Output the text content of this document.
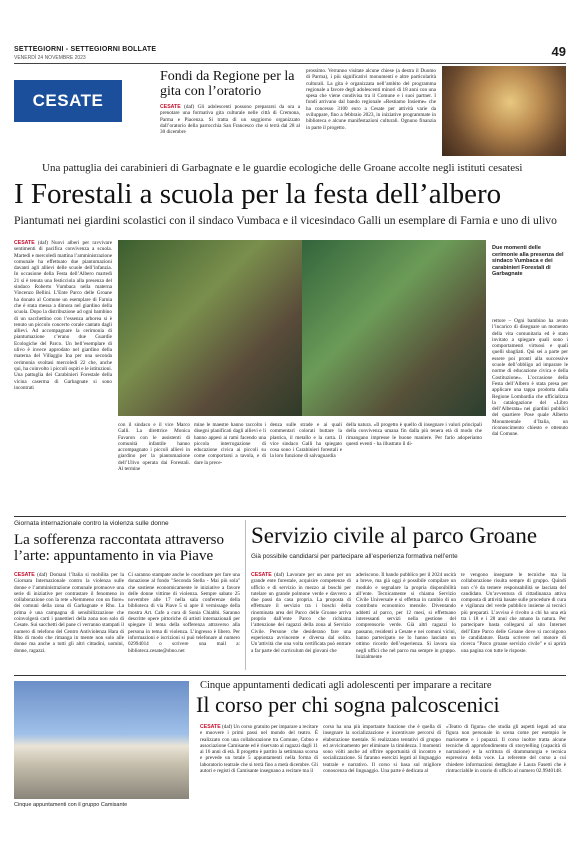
SETTEGIORNI - SETTEGIORNI BOLLATE
VENERDÌ 24 NOVEMBRE 2023	49
CESATE
Fondi da Regione per la gita con l’oratorio
CESATE (daf) Gli adolescenti possono prepararsi da ora a prenotare una formativa gita culturale nelle città di Cremona, Parma e Piacenza. Si tratta di un soggiorno organizzato dall’oratorio della parrocchia San Francesco che si terrà dal 28 al 30 dicembre
prossimo. Verranno visitate alcune chiese (a destra il Duomo di Parma), i più significativi monumenti e altre particolarità culturali. La gita è organizzata nell’ambito del programma regionale a favore degli adolescenti minori di 18 anni con una spesa che viene condivisa tra il Comune e i suoi partner. I fondi arrivano dal bando regionale «Restiamo Insieme» che ha concesso 3100 euro a Cesate per attività varie da sviluppare, fino a febbraio 2023, in iniziative programmate in biblioteca e alcune manifestazioni culturali. Ognuno finanzia in parte il progetto.
Una pattuglia dei carabinieri di Garbagnate e le guardie ecologiche delle Groane accolte negli istituti cesatesi
I Forestali a scuola per la festa dell’albero
Piantumati nei giardini scolastici con il sindaco Vumbaca e il vicesindaco Galli un esemplare di Farnia e uno di ulivo
CESATE (daf) Nuovi alberi per ravvivare sentimenti di pacifica convivenza a scuola. Martedì e mercoledì mattina l’amministrazione comunale ha effettuato due piantumazioni davanti agli allievi delle scuole dell’infanzia. In occasione della Festa dell’Albero martedì 21 si è tenuta una festicciola alla presenza del sindaco Roberto Vumbaca nella materna Vincenzo Bellini. L’Ente Parco delle Groane ha donato al Comune un esemplare di Farnia che è stata messa a dimora nel giardino della scuola. Dopo la distribuzione ad ogni bambino di un sacchettino con l’essenza arborea si è tenuto un piccolo concerto corale cantato dagli allievi. Ad accompagnare la cerimonia di piantumazione c’erano due Guardie Ecologiche del Parco. Un bell’esemplare di ulivo è invece approdato nel giardino della materna del Villaggio Ina per una seconda cerimonia svoltasi mercoledì 22 che, anche qui, ha coinvolto i piccoli ospiti e le istituzioni. Una pattuglia dei Carabinieri Forestale della vicina caserma di Garbagnate si sono incontrati
Due momenti delle cerimonie alla presenza del sindaco Vumbaca e dei carabinieri Forestali di Garbagnate
rettore – Ogni bambino ha avuto l’incarico di disegnare un momento della vita comunitaria ed è stato invitato a spiegare quali sono i comportamenti virtuosi e quali quelli sbagliati. Qui sei a parte per essere poi pronti alla successive scuole dell’obbligo ad imparare le norme di educazione civica e della Costituzione». L’occasione della Festa dell’Albero è stata presa per applicare una tappa prodotta dalla Regione Lombardia che ufficializza la catalogazione del «Libro dell’Alberata» nei giardini pubblici del quartiere Pose quale Alberto Monumentale d’Italia, un riconoscimento chiesto e ottenuto dal Comune.
con il sindaco e il vice Marco Galli. La direttrice Monica Favaron con le assistenti di comunità infantile hanno accompagnato i piccoli allievi in giardino per la piantumazione dell’Ulivo operata dai Forestali. Al termine
mine le maestre hanno raccolto i disegni planificati dagli allievi e li hanno appesi ai rami facendo una piccola interrogazione di educazione civica ai piccoli su come comportarsi a tavola, e di dare la prece-
denza sulle strade e ai quali commentari colorati buttare la plastica, il metallo e la carta. Il vice sindaco Galli ha spiegato cosa sono i Carabinieri forestali e la loro funzione di salvaguardia
della natura. «Il progetto è quello di insegnare i valori principali della convivenza umana fin dalla più tenera età di modo che rimangano impresse le buone maniere. Per farlo adoperiamo questi eventi - ha illustrato il di-
Giornata internazionale contro la violenza sulle donne
La sofferenza raccontata attraverso l’arte: appuntamento in via Piave
CESATE (daf) Domani l’Italia si mobilita per la Giornata Internazionale contro la violenza sulle donne e l’amministrazione comunale promuove una serie di iniziative per contrastare il fenomeno in collaborazione con la rete «Nemmeno con un fiore» dei comuni della zona di Garbagnate e Rho. La prima è una campagna di sensibilizzazione che coinvolgerà carti i panettieri della zona non solo di Cesate. Sui sacchetti del pane ci verranno stampati il numero di telefono del Centro Antiviolenza Hara di Rho di modo che rimanga in mente non solo alle donne ma anche a tutti gli altri cittadini, uomini, donne, ragazzi.
Ci saranno stampate anche le coordinate per fare una donazione al fondo "Seconda Stella - Mai più sola" che sostiene economicamente le iniziative a favore delle donne vittime di violenza. Sempre sabato 25 novembre alle 17 nella sala conferenze della biblioteca di via Piave 5 si apre il vernissage della mostra Art. Cafe a cura di Sonia Chiabbi. Saranno descritte opere pittoriche di artisti internazionali per spiegare il tema della sofferenza attraverso alla persona in tema di violenza. L’ingresso è libero. Per informazioni e iscrizioni si può telefonare al numero 02994014 o scrivere una mail a: biblioteca.cesate@sbno.net
Servizio civile al parco Groane
Già possibile candidarsi per partecipare all’esperienza formativa nell’ente
CESATE (daf) Lavorare per un anno per un grande ente forestale, acquisire competenze di ufficio e di servizio in mezzo ai boschi per tutelare un grande polmone verde e davvero a due passi da casa propria. La proposta di effettuare il servizio tra i boschi della rinominata area del Parco delle Groane arriva proprio dall’ente Parco che richiama l’attenzione dei ragazzi della zona al Servizio Civile. Persone che desiderano fare una esperienza avvincente e diversa dal solito. Un’attività che una volta certificata può entrare a far parte del curriculum dei giovani che
aderiscono. Il bando pubblico per il 2024 uscirà a breve, ma già oggi è possibile compilare un modulo e segnalare la propria disponibilità all’ente. Tecnicamente si chiama Servizio Civile Universale e si effettua in cambio di un contributo economico mensile. Diventando addetti al parco, per 12 mesi, si effettuano interessanti servizi nella gestione del comprensorio verde. Già altri ragazzi lo passano, residenti a Cesate e nei comuni vicini, hanno partecipato ne lo hanno lasciato un ottimo ricordo dell’esperienza. Si lavora sia negli uffici che nel parco ma sempre in gruppo. Inizialmente
te vengono insegnate le tecniche ma la collaborazione risulta sempre di gruppo. Quindi non c’è da temere responsabilità se lasciata del candidato. Un’avventura di cittadinanza attiva composta di attività basate sulle procedure di cura e vigilanza del verde pubblico insieme ai tecnici più preparati. L’avviso è rivolto a chi ha una età tra i 18 e i 28 anni che amano la natura. Per partecipare basta collegarsi al sito Internet dell’Ente Parco delle Groane dove si raccolgono le candidature. Basta scrivere nel motore di ricerca "Parco groane servizio civile" e si aprirà una pagina con tutte le risposte.
Cinque appuntamenti con il gruppo Camisante
Cinque appuntamenti dedicati agli adolescenti per imparare a recitare
Il corso per chi sogna palcoscenici
CESATE (daf) Un corso gratuito per imparare a recitare e muovere i primi passi nel mondo del teatro. È realizzato con una collaborazione tra Comune, Csbno e associazione Camisante ed è riservato ai ragazzi dagli 11 ai 16 anni di età. Il progetto è partito la settimana scorsa e prevede un totale 5 appuntamenti nella forma di laboratorio teatrale che si terrà fino a metà dicembre. Gli autori e registi di Camisante insegnano a recitare ma il
corso ha una più importante funzione che è quella di insegnare la socializzazione e incentivare percorsi di elaborazione mentale. Si realizzano tentativi di gruppo ed avvicinamento per eliminare la timidezza. I momenti sono vòlti anche ad offrire opportunità di incontro e socializzazione. Si faranno esercizi legati al linguaggio teatrale e narrativo. Il corso si basa sul migliore conoscenza del linguaggio. Una parte è dedicata al
«Teatro di figura» che studia gli aspetti legati ad una figura non personale in scena come per esempio le marionette e i pupazzi. Il corso inoltre tratta alcune tecniche di approfondimento di storytelling (capacità di narrazione) e la scrittura di drammaturgia e tecnica espressiva della voce. La referente del corso a cui chiedere informazioni dettagliate è Laura Fasetti che è rintracciabile in orario di ufficio al numero 02.9940148.
